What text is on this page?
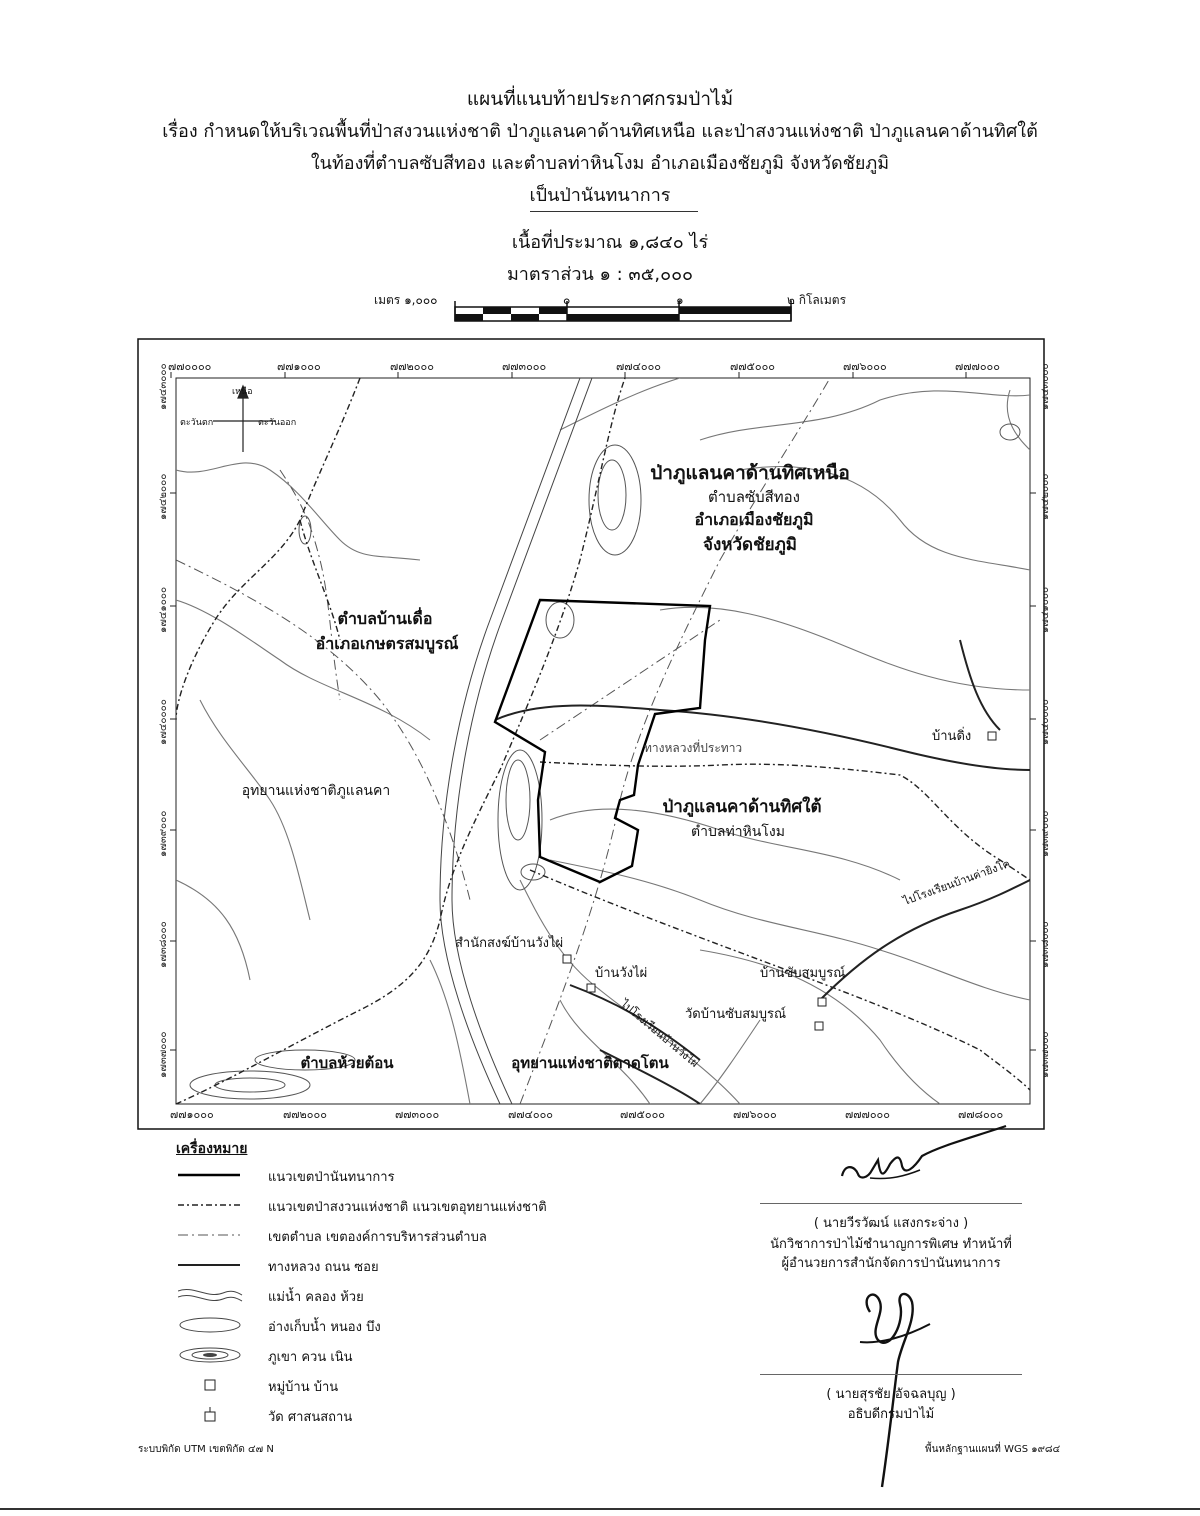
แผนที่แนบท้ายประกาศกรมป่าไม้
เรื่อง กำหนดให้บริเวณพื้นที่ป่าสงวนแห่งชาติ ป่าภูแลนคาด้านทิศเหนือ และป่าสงวนแห่งชาติ ป่าภูแลนคาด้านทิศใต้
ในท้องที่ตำบลซับสีทอง และตำบลท่าหินโงม อำเภอเมืองชัยภูมิ จังหวัดชัยภูมิ
เป็นป่านันทนาการ
เนื้อที่ประมาณ ๑,๘๔๐ ไร่
มาตราส่วน ๑ : ๓๕,๐๐๐
เมตร ๑,๐๐๐	๐	๑	๒ กิโลเมตร
๗๗๐๐๐๐	๗๗๑๐๐๐	๗๗๒๐๐๐	๗๗๓๐๐๐	๗๗๔๐๐๐	๗๗๕๐๐๐	๗๗๖๐๐๐	๗๗๗๐๐๐
๗๗๑๐๐๐	๗๗๒๐๐๐	๗๗๓๐๐๐	๗๗๔๐๐๐	๗๗๕๐๐๐	๗๗๖๐๐๐	๗๗๗๐๐๐	๗๗๘๐๐๐
๑๗๔๓๐๐๐
๑๗๔๒๐๐๐
๑๗๔๑๐๐๐
๑๗๔๐๐๐๐
๑๗๓๙๐๐๐
๑๗๓๘๐๐๐
๑๗๓๗๐๐๐
๑๗๔๓๐๐๐
๑๗๔๒๐๐๐
๑๗๔๑๐๐๐
๑๗๔๐๐๐๐
๑๗๓๙๐๐๐
๑๗๓๘๐๐๐
๑๗๓๗๐๐๐
เหนือ
ตะวันตก	ตะวันออก
ป่าภูแลนคาด้านทิศเหนือ
ตำบลซับสีทอง
อำเภอเมืองชัยภูมิ
จังหวัดชัยภูมิ
ตำบลบ้านเดื่อ
อำเภอเกษตรสมบูรณ์
อุทยานแห่งชาติภูแลนคา
ป่าภูแลนคาด้านทิศใต้
ตำบลท่าหินโงม
บ้านดิ่ง
ทางหลวงที่ประทาว
สำนักสงฆ์บ้านวังไผ่
บ้านวังไผ่	บ้านซับสมบูรณ์
วัดบ้านซับสมบูรณ์
ไปโรงเรียนบ้านค่ายิงโค
ไปโรงเรียนบ้านวังไผ่
ตำบลห้วยต้อน	อุทยานแห่งชาติตาดโตน
เครื่องหมาย
แนวเขตป่านันทนาการ
แนวเขตป่าสงวนแห่งชาติ แนวเขตอุทยานแห่งชาติ
เขตตำบล เขตองค์การบริหารส่วนตำบล
ทางหลวง ถนน ซอย
แม่น้ำ คลอง ห้วย
อ่างเก็บน้ำ หนอง บึง
ภูเขา ควน เนิน
หมู่บ้าน บ้าน
วัด ศาสนสถาน
( นายวีรวัฒน์ แสงกระจ่าง )
นักวิชาการป่าไม้ชำนาญการพิเศษ ทำหน้าที่
ผู้อำนวยการสำนักจัดการป่านันทนาการ
( นายสุรชัย อัจฉลบุญ )
อธิบดีกรมป่าไม้
ระบบพิกัด UTM เขตพิกัด ๔๗ N	พื้นหลักฐานแผนที่ WGS ๑๙๘๔
